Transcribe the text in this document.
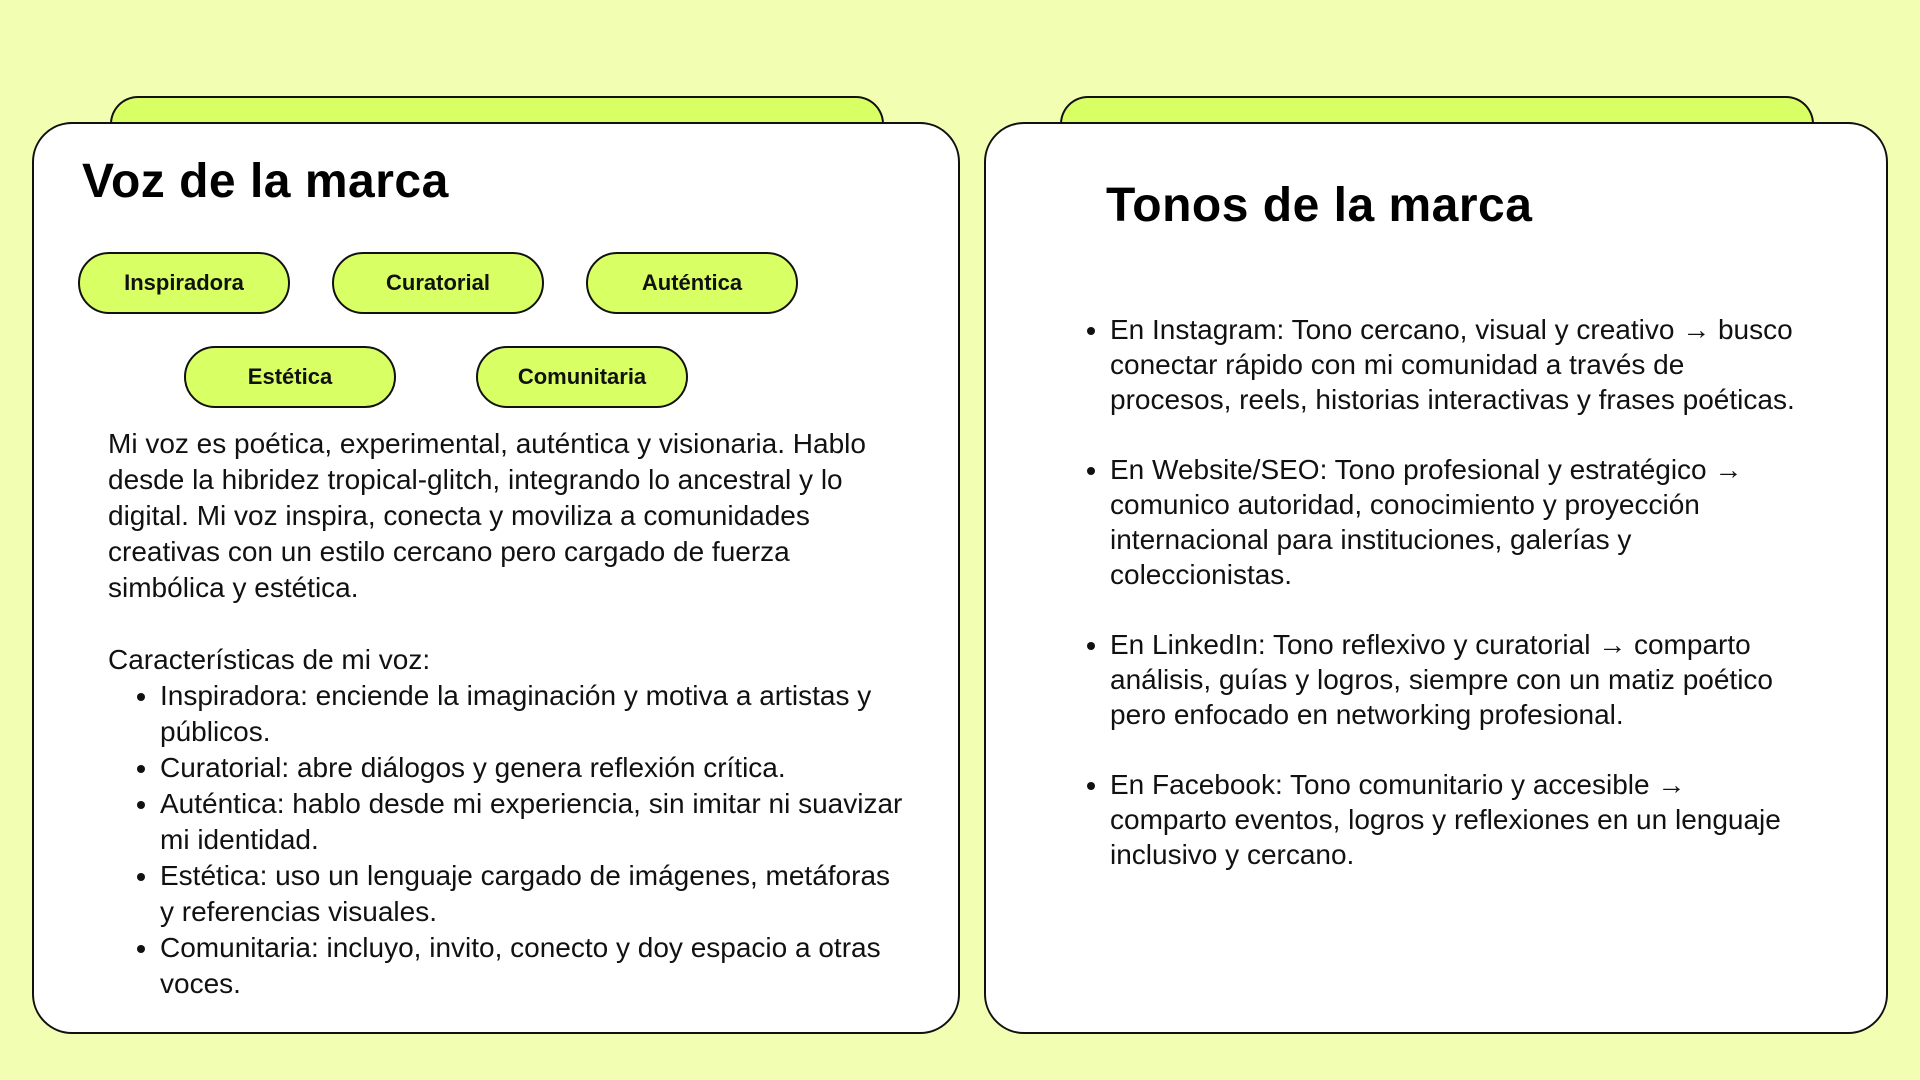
Voz de la marca
Inspiradora	Curatorial	Auténtica
Estética	Comunitaria

Mi voz es poética, experimental, auténtica y visionaria. Hablo desde la hibridez tropical-glitch, integrando lo ancestral y lo digital. Mi voz inspira, conecta y moviliza a comunidades creativas con un estilo cercano pero cargado de fuerza simbólica y estética.

Características de mi voz:

• Inspiradora: enciende la imaginación y motiva a artistas y públicos.
• Curatorial: abre diálogos y genera reflexión crítica.
• Auténtica: hablo desde mi experiencia, sin imitar ni suavizar mi identidad.
• Estética: uso un lenguaje cargado de imágenes, metáforas y referencias visuales.
• Comunitaria: incluyo, invito, conecto y doy espacio a otras voces.
Tonos de la marca
• En Instagram: Tono cercano, visual y creativo → busco conectar rápido con mi comunidad a través de procesos, reels, historias interactivas y frases poéticas.
• En Website/SEO: Tono profesional y estratégico → comunico autoridad, conocimiento y proyección internacional para instituciones, galerías y coleccionistas.
• En LinkedIn: Tono reflexivo y curatorial → comparto análisis, guías y logros, siempre con un matiz poético pero enfocado en networking profesional.
• En Facebook: Tono comunitario y accesible → comparto eventos, logros y reflexiones en un lenguaje inclusivo y cercano.
